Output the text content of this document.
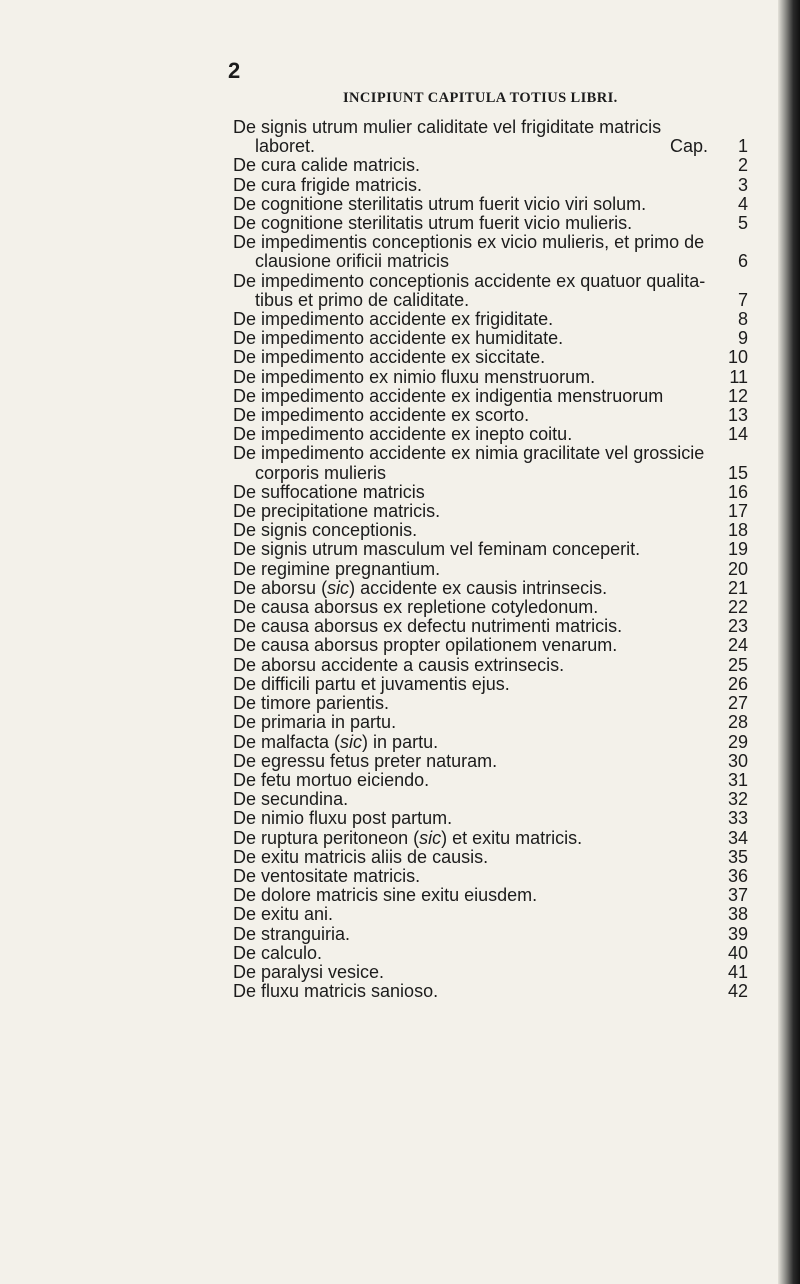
2
INCIPIUNT CAPITULA TOTIUS LIBRI.
De signis utrum mulier caliditate vel frigiditate matricis
laboret.	Cap. 1
De cura calide matricis.	2
De cura frigide matricis.	3
De cognitione sterilitatis utrum fuerit vicio viri solum.	4
De cognitione sterilitatis utrum fuerit vicio mulieris.	5
De impedimentis conceptionis ex vicio mulieris, et primo de
clausione orificii matricis	6
De impedimento conceptionis accidente ex quatuor qualita-
tibus et primo de caliditate.	7
De impedimento accidente ex frigiditate.	8
De impedimento accidente ex humiditate.	9
De impedimento accidente ex siccitate.	10
De impedimento ex nimio fluxu menstruorum.	11
De impedimento accidente ex indigentia menstruorum	12
De impedimento accidente ex scorto.	13
De impedimento accidente ex inepto coitu.	14
De impedimento accidente ex nimia gracilitate vel grossicie
corporis mulieris	15
De suffocatione matricis	16
De precipitatione matricis.	17
De signis conceptionis.	18
De signis utrum masculum vel feminam conceperit.	19
De regimine pregnantium.	20
De aborsu (sic) accidente ex causis intrinsecis.	21
De causa aborsus ex repletione cotyledonum.	22
De causa aborsus ex defectu nutrimenti matricis.	23
De causa aborsus propter opilationem venarum.	24
De aborsu accidente a causis extrinsecis.	25
De difficili partu et juvamentis ejus.	26
De timore parientis.	27
De primaria in partu.	28
De malfacta (sic) in partu.	29
De egressu fetus preter naturam.	30
De fetu mortuo eiciendo.	31
De secundina.	32
De nimio fluxu post partum.	33
De ruptura peritoneon (sic) et exitu matricis.	34
De exitu matricis aliis de causis.	35
De ventositate matricis.	36
De dolore matricis sine exitu eiusdem.	37
De exitu ani.	38
De stranguiria.	39
De calculo.	40
De paralysi vesice.	41
De fluxu matricis sanioso.	42
